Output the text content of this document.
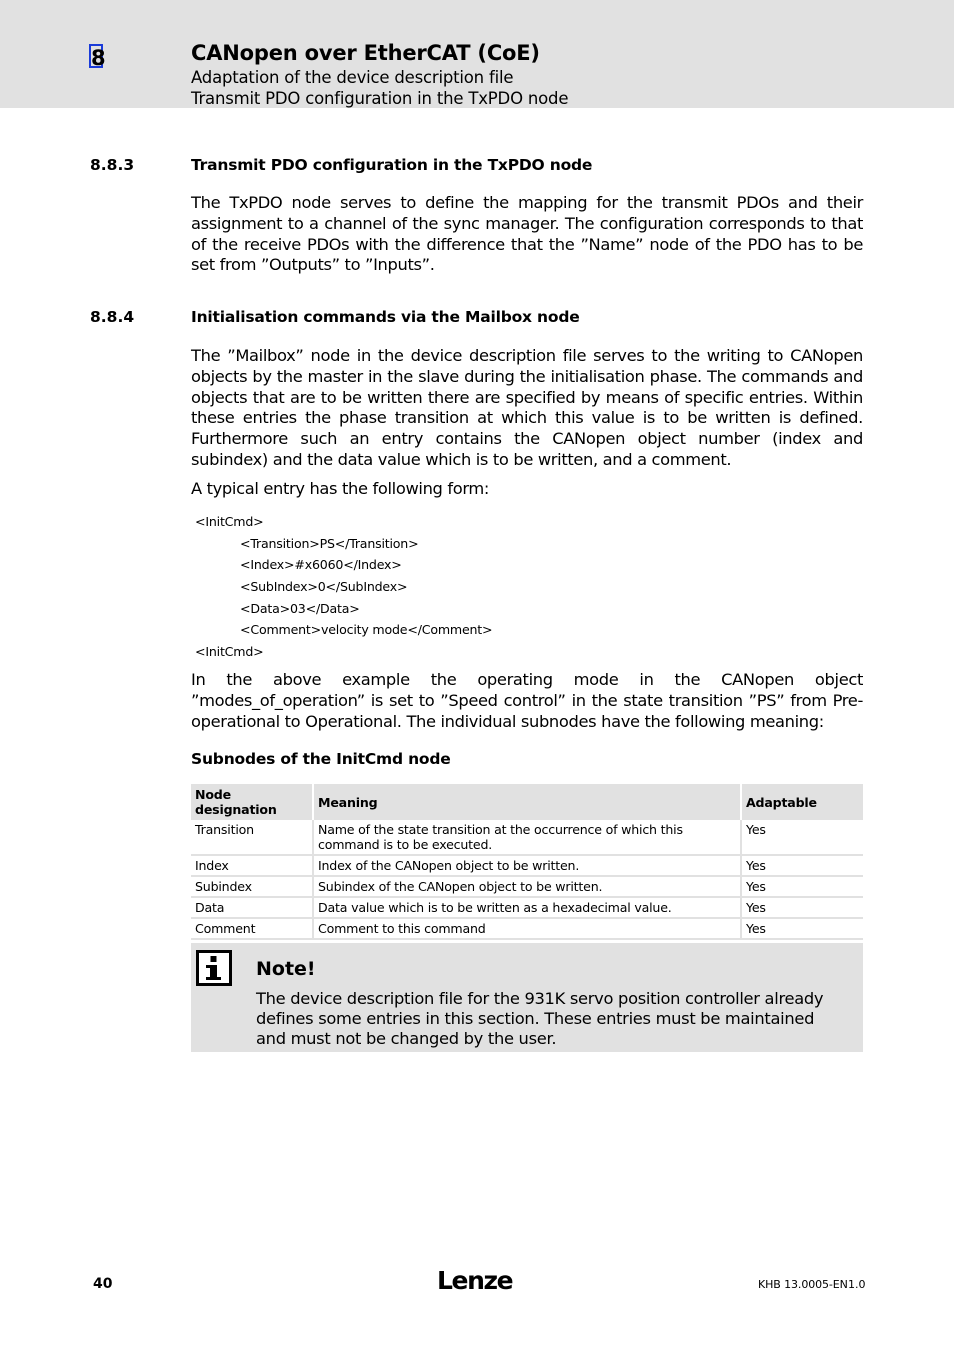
8	CANopen over EtherCAT (CoE)
Adaptation of the device description file
Transmit PDO configuration in the TxPDO node
8.8.3	Transmit PDO configuration in the TxPDO node
The TxPDO node serves to define the mapping for the transmit PDOs and their assignment to a channel of the sync manager. The configuration corresponds to that of the receive PDOs with the difference that the ”Name” node of the PDO has to be set from ”Outputs” to ”Inputs”.
8.8.4	Initialisation commands via the Mailbox node
The ”Mailbox” node in the device description file serves to the writing to CANopen objects by the master in the slave during the initialisation phase. The commands and objects that are to be written there are specified by means of specific entries. Within these entries the phase transition at which this value is to be written is defined. Furthermore such an entry contains the CANopen object number (index and subindex) and the data value which is to be written, and a comment.
A typical entry has the following form:
<InitCmd>
<Transition>PS</Transition>
<Index>#x6060</Index>
<SubIndex>0</SubIndex>
<Data>03</Data>
<Comment>velocity mode</Comment>
<InitCmd>
In the above example the operating mode in the CANopen object ”modes_of_operation” is set to ”Speed control” in the state transition ”PS” from Pre-operational to Operational. The individual subnodes have the following meaning:
Subnodes of the InitCmd node
Node designation	Meaning	Adaptable
Transition	Name of the state transition at the occurrence of which this command is to be executed.	Yes
Index	Index of the CANopen object to be written.	Yes
Subindex	Subindex of the CANopen object to be written.	Yes
Data	Data value which is to be written as a hexadecimal value.	Yes
Comment	Comment to this command	Yes
Note!
The device description file for the 931K servo position controller already defines some entries in this section. These entries must be maintained and must not be changed by the user.
40	Lenze	KHB 13.0005-EN 1.0
